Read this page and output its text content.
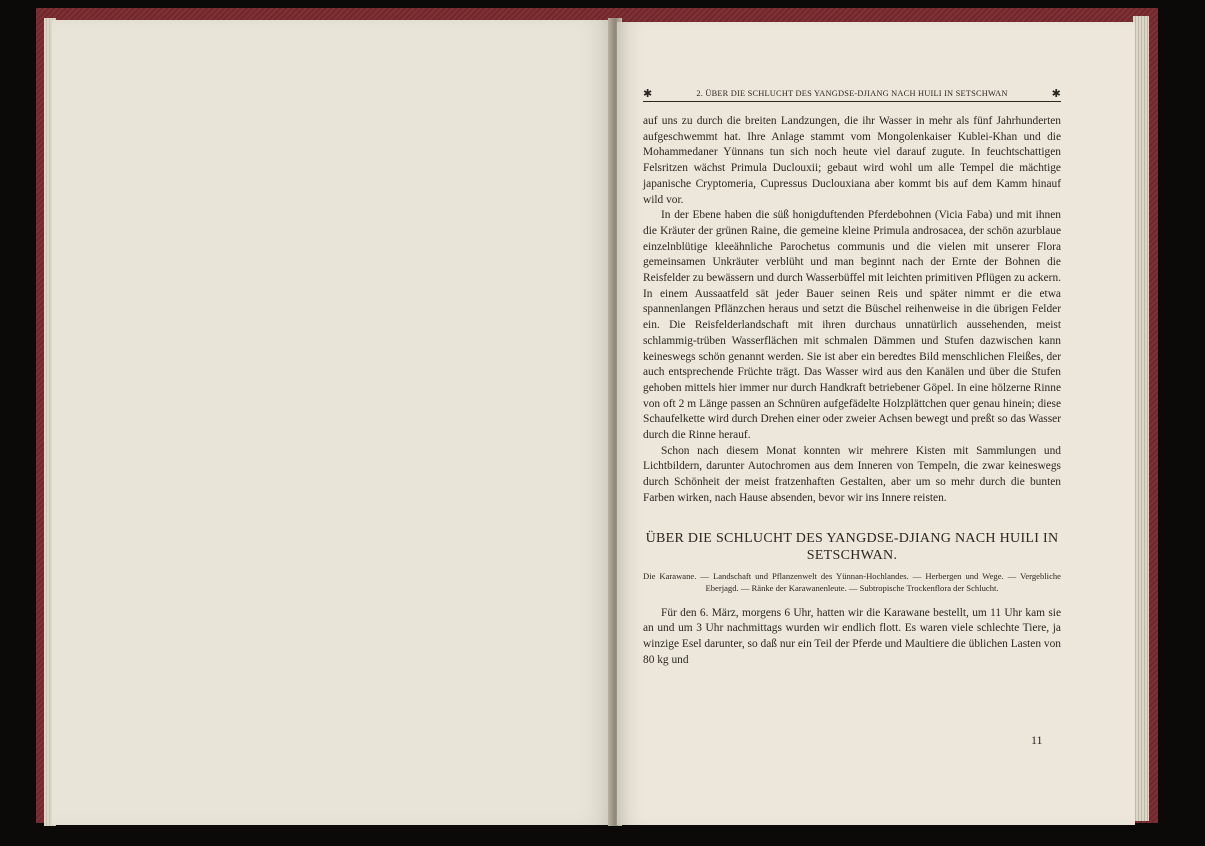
✱	2. ÜBER DIE SCHLUCHT DES YANGDSE-DJIANG NACH HUILI IN SETSCHWAN	✱

auf uns zu durch die breiten Landzungen, die ihr Wasser in mehr als fünf Jahrhunderten aufgeschwemmt hat. Ihre Anlage stammt vom Mongolenkaiser Kublei-Khan und die Mohammedaner Yünnans tun sich noch heute viel darauf zugute. In feuchtschattigen Felsritzen wächst Primula Duclouxii; gebaut wird wohl um alle Tempel die mächtige japanische Cryptomeria, Cupressus Duclouxiana aber kommt bis auf dem Kamm hinauf wild vor.

In der Ebene haben die süß honigduftenden Pferdebohnen (Vicia Faba) und mit ihnen die Kräuter der grünen Raine, die gemeine kleine Primula androsacea, der schön azurblaue einzelnblütige kleeähnliche Parochetus communis und die vielen mit unserer Flora gemeinsamen Unkräuter verblüht und man beginnt nach der Ernte der Bohnen die Reisfelder zu bewässern und durch Wasserbüffel mit leichten primitiven Pflügen zu ackern. In einem Aussaatfeld sät jeder Bauer seinen Reis und später nimmt er die etwa spannenlangen Pflänzchen heraus und setzt die Büschel reihenweise in die übrigen Felder ein. Die Reisfelderlandschaft mit ihren durchaus unnatürlich aussehenden, meist schlammig-trüben Wasserflächen mit schmalen Dämmen und Stufen dazwischen kann keineswegs schön genannt werden. Sie ist aber ein beredtes Bild menschlichen Fleißes, der auch entsprechende Früchte trägt. Das Wasser wird aus den Kanälen und über die Stufen gehoben mittels hier immer nur durch Handkraft betriebener Göpel. In eine hölzerne Rinne von oft 2 m Länge passen an Schnüren aufgefädelte Holzplättchen quer genau hinein; diese Schaufelkette wird durch Drehen einer oder zweier Achsen bewegt und preßt so das Wasser durch die Rinne herauf.

Schon nach diesem Monat konnten wir mehrere Kisten mit Sammlungen und Lichtbildern, darunter Autochromen aus dem Inneren von Tempeln, die zwar keineswegs durch Schönheit der meist fratzenhaften Gestalten, aber um so mehr durch die bunten Farben wirken, nach Hause absenden, bevor wir ins Innere reisten.

ÜBER DIE SCHLUCHT DES YANGDSE-DJIANG NACH HUILI IN SETSCHWAN.
Die Karawane. — Landschaft und Pflanzenwelt des Yünnan-Hochlandes. — Herbergen und Wege. — Vergebliche Eberjagd. — Ränke der Karawanenleute. — Subtropische Trockenflora der Schlucht.

Für den 6. März, morgens 6 Uhr, hatten wir die Karawane bestellt, um 11 Uhr kam sie an und um 3 Uhr nachmittags wurden wir endlich flott. Es waren viele schlechte Tiere, ja winzige Esel darunter, so daß nur ein Teil der Pferde und Maultiere die üblichen Lasten von 80 kg und

11
